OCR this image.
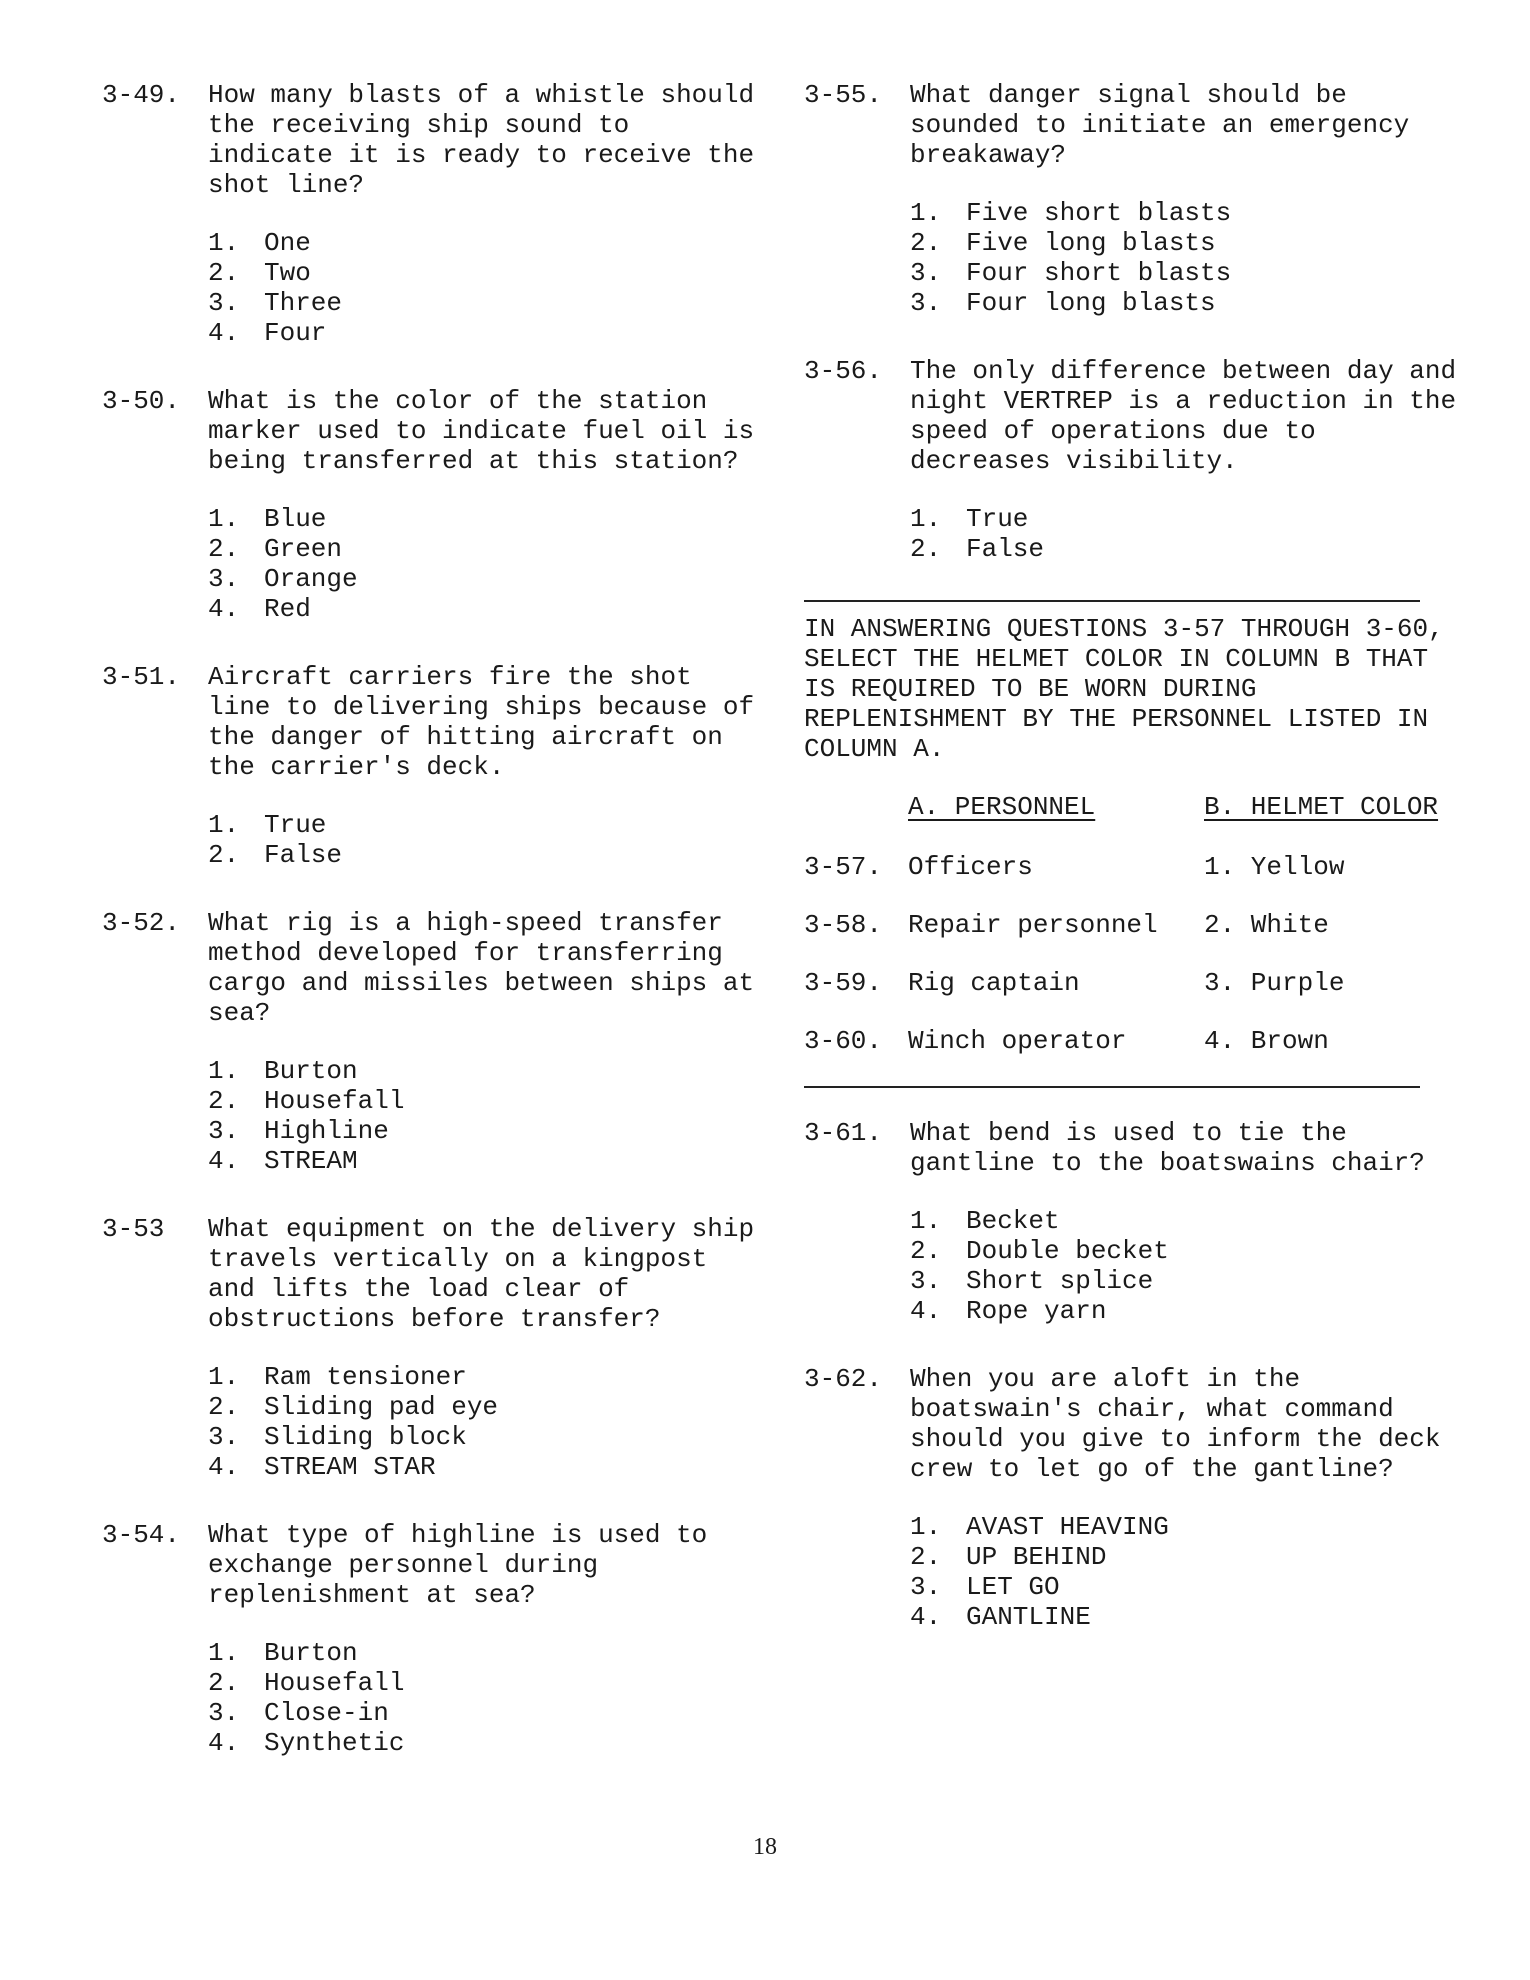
3-49. How many blasts of a whistle should
the receiving ship sound to
indicate it is ready to receive the
shot line?
1. One
2. Two
3. Three
4. Four
3-50. What is the color of the station
marker used to indicate fuel oil is
being transferred at this station?
1. Blue
2. Green
3. Orange
4. Red
3-51. Aircraft carriers fire the shot
line to delivering ships because of
the danger of hitting aircraft on
the carrier's deck.
1. True
2. False
3-52. What rig is a high-speed transfer
method developed for transferring
cargo and missiles between ships at
sea?
1. Burton
2. Housefall
3. Highline
4. STREAM
3-53 What equipment on the delivery ship
travels vertically on a kingpost
and lifts the load clear of
obstructions before transfer?
1. Ram tensioner
2. Sliding pad eye
3. Sliding block
4. STREAM STAR
3-54. What type of highline is used to
exchange personnel during
replenishment at sea?
1. Burton
2. Housefall
3. Close-in
4. Synthetic
3-55. What danger signal should be
sounded to initiate an emergency
breakaway?
1. Five short blasts
2. Five long blasts
3. Four short blasts
3. Four long blasts
3-56. The only difference between day and
night VERTREP is a reduction in the
speed of operations due to
decreases visibility.
1. True
2. False
IN ANSWERING QUESTIONS 3-57 THROUGH 3-60,
SELECT THE HELMET COLOR IN COLUMN B THAT
IS REQUIRED TO BE WORN DURING
REPLENISHMENT BY THE PERSONNEL LISTED IN
COLUMN A.
A. PERSONNEL	B. HELMET COLOR
3-57. Officers	1. Yellow
3-58. Repair personnel 2. White
3-59. Rig captain	3. Purple
3-60. Winch operator	4. Brown
3-61. What bend is used to tie the
gantline to the boatswains chair?
1. Becket
2. Double becket
3. Short splice
4. Rope yarn
3-62. When you are aloft in the
boatswain's chair, what command
should you give to inform the deck
crew to let go of the gantline?
1. AVAST HEAVING
2. UP BEHIND
3. LET GO
4. GANTLINE
18
